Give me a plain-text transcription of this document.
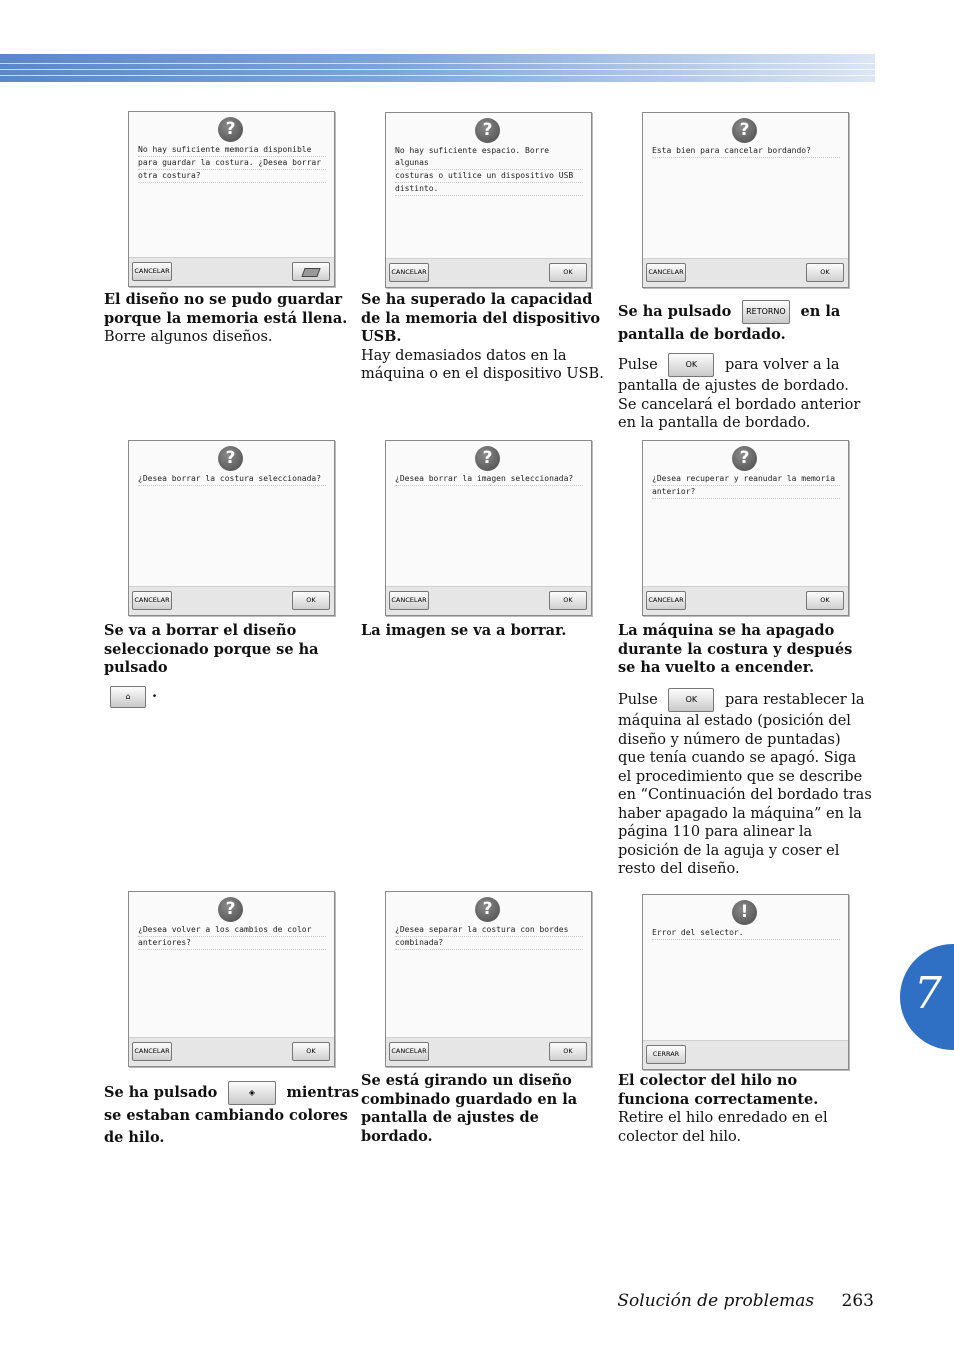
7
?
No hay suficiente memoria disponible
para guardar la costura. ¿Desea borrar
otra costura?
CANCELAR
El diseño no se pudo guardar porque la memoria está llena.
Borre algunos diseños.
?
No hay suficiente espacio. Borre algunas
costuras o utilice un dispositivo USB
distinto.
CANCELAR	OK
Se ha superado la capacidad de la memoria del dispositivo USB.
Hay demasiados datos en la máquina o en el dispositivo USB.
?
Esta bien para cancelar bordando?
CANCELAR	OK
Se ha pulsado RETORNO en la pantalla de bordado.
Pulse	OK para volver a la pantalla de ajustes de bordado. Se cancelará el bordado anterior en la pantalla de bordado.
?
¿Desea borrar la costura seleccionada?
CANCELAR	OK
Se va a borrar el diseño seleccionado porque se ha pulsado
⌂ .
?
¿Desea borrar la imagen seleccionada?
CANCELAR	OK
La imagen se va a borrar.
?
¿Desea recuperar y reanudar la memoria
anterior?
CANCELAR	OK
La máquina se ha apagado durante la costura y después se ha vuelto a encender.
Pulse	OK para restablecer la máquina al estado (posición del diseño y número de puntadas) que tenía cuando se apagó. Siga el procedimiento que se describe en “Continuación del bordado tras haber apagado la máquina” en la página 110 para alinear la posición de la aguja y coser el resto del diseño.
?
¿Desea volver a los cambios de color
anteriores?
CANCELAR	OK
Se ha pulsado	◈ mientras se estaban cambiando colores de hilo.
?
¿Desea separar la costura con bordes
combinada?
CANCELAR	OK
Se está girando un diseño combinado guardado en la pantalla de ajustes de bordado.
!
Error del selector.
CERRAR
El colector del hilo no funciona correctamente.
Retire el hilo enredado en el colector del hilo.
Solución de problemas 263
